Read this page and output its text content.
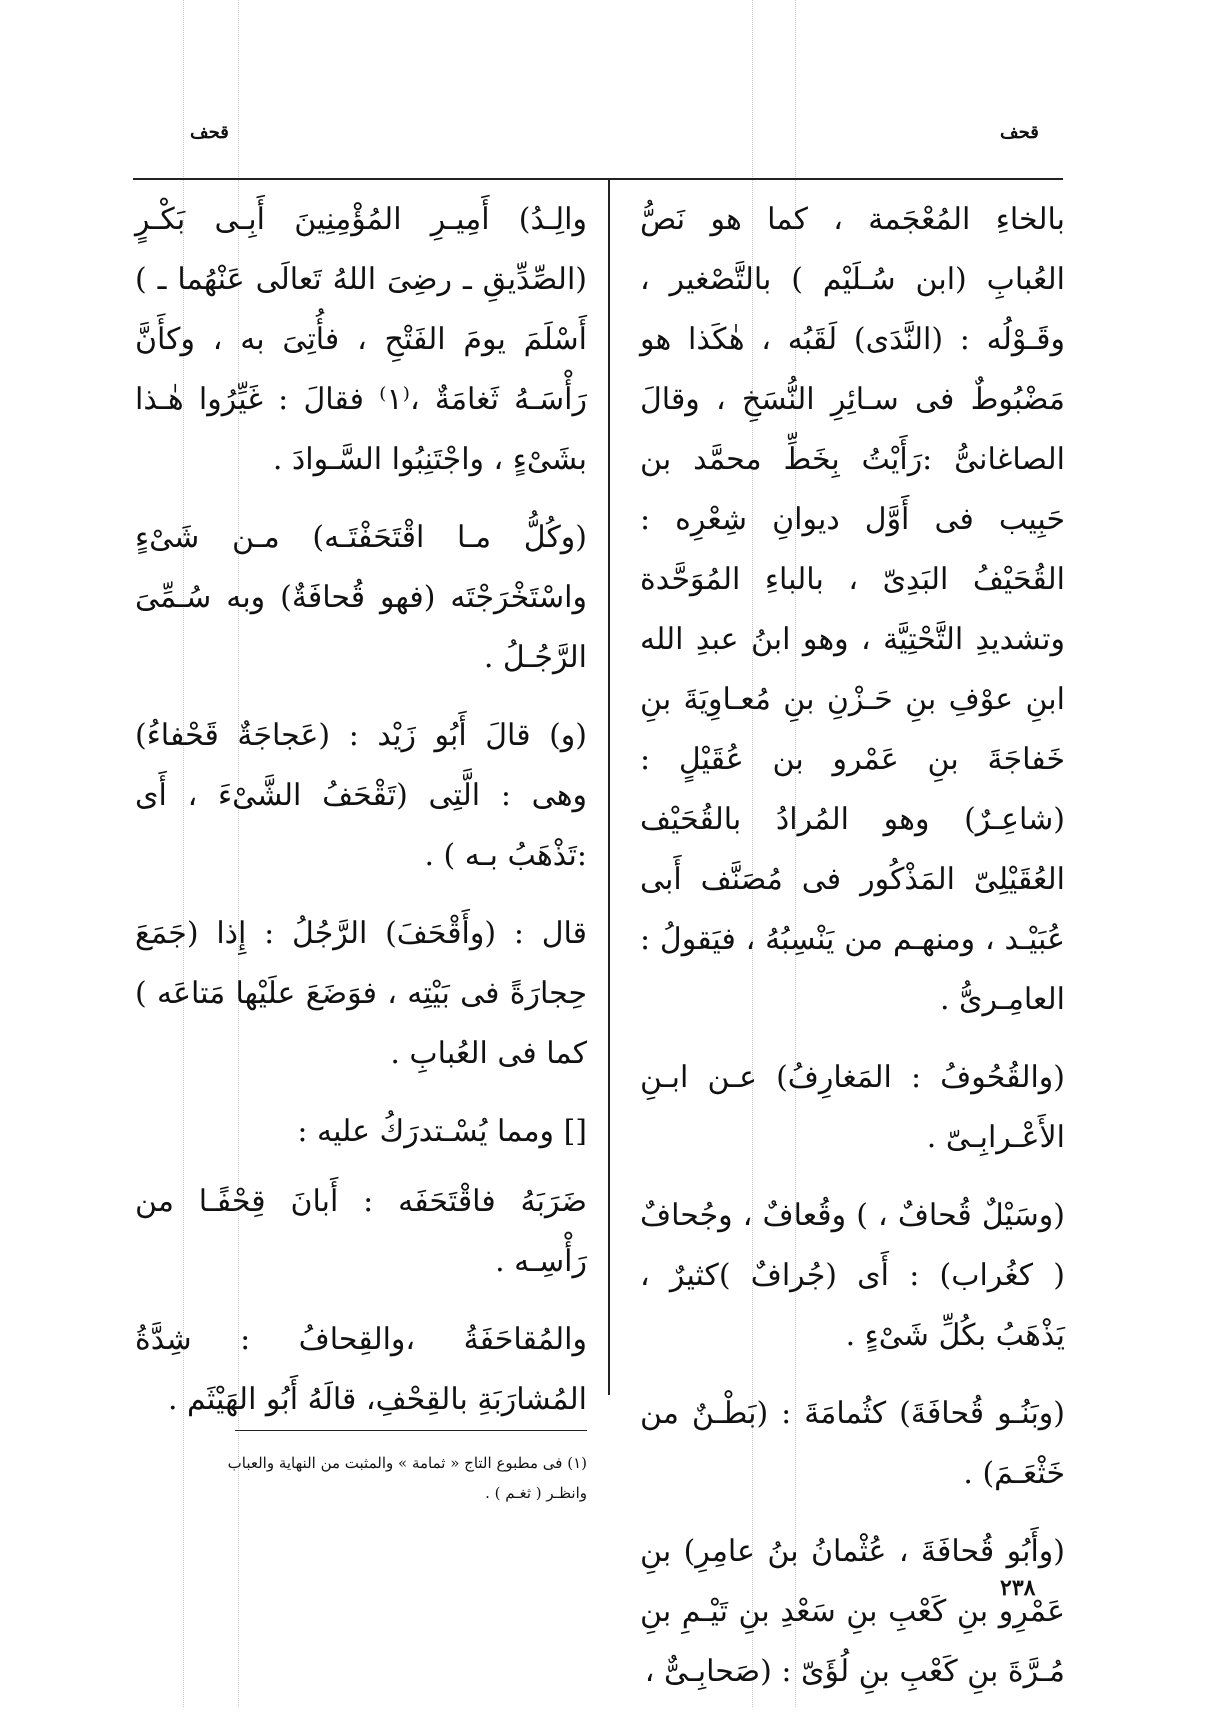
قحف	قحف

بالخاءِ المُعْجَمة ، كما هو نَصُّ العُبابِ (ابن سُـلَيْم ) بالتَّصْغير ، وقَـوْلُه : (النَّدَى) لَقَبُه ، هٰكَذا هو مَضْبُوطٌ فى سـائِرِ النُّسَخِ ، وقالَ الصاغانىُّ :رَأَيْتُ بِخَطِّ محمَّد بن حَبِيب فى أَوَّل ديوانِ شِعْرِه : القُحَيْفُ البَدِىّ ، بالباءِ المُوَحَّدة وتشديدِ التَّحْتِيَّة ، وهو ابنُ عبدِ الله ابنِ عوْفِ بنِ حَـزْنِ بنِ مُعـاوِيَةَ بنِ خَفاجَةَ بنِ عَمْرو بن عُقَيْلٍ : (شاعِـرٌ) وهو المُرادُ بالقُحَيْف العُقَيْلِىّ المَذْكُور فى مُصَنَّف أَبى عُبَيْـد ، ومنهـم من يَنْسِبُهُ ، فيَقولُ : العامِـرىُّ .

(والقُحُوفُ : المَغارِفُ) عـن ابـنِ الأَعْـرابِـىّ .

(وسَيْلٌ قُحافٌ ، ) وقُعافٌ ، وجُحافٌ ( كغُراب) : أَى (جُرافٌ )كثيرٌ ، يَذْهَبُ بكُلِّ شَىْءٍ .

(وبَنُـو قُحافَةَ) كثُمامَةَ : (بَطْـنٌ من خَثْعَـمَ) .

(وأَبُو قُحافَةَ ، عُثْمانُ بنُ عامِرِ) بنِ عَمْرِو بنِ كَعْبِ بنِ سَعْدِ بنِ تَيْـمِ بنِ مُـرَّةَ بنِ كَعْبِ بنِ لُؤَىّ : (صَحابِـىٌّ ،

والِـدُ) أَمِيـرِ المُؤْمِنِينَ أَبِـى بَكْـرٍ (الصِّدِّيقِ ـ رضِىَ اللهُ تَعالَى عَنْهُما ـ ) أَسْلَمَ يومَ الفَتْحِ ، فأُتِىَ به ، وكأَنَّ رَأْسَـهُ ثَغامَةٌ ،⁽١⁾ فقالَ : غَيِّرُوا هٰـذا بشَىْءٍ ، واجْتَنِبُوا السَّـوادَ .

(وكُلُّ مـا اقْتَحَفْتَـه) مـن شَىْءٍ واسْتَخْرَجْتَه (فهو قُحافَةٌ) وبه سُـمِّىَ الرَّجُـلُ .

(و) قالَ أَبُو زَيْد : (عَجاجَةٌ قَحْفاءُ) وهى : الَّتِى (تَقْحَفُ الشَّىْءَ ، أَى :تَذْهَبُ بـه ) .

قال : (وأَقْحَفَ) الرَّجُلُ : إِذا (جَمَعَ حِجارَةً فى بَيْتِه ، فوَضَعَ علَيْها مَتاعَه ) كما فى العُبابِ .

[] ومما يُسْـتدرَكُ عليه :

ضَرَبَهُ فاقْتَحَفَه : أَبانَ قِحْفًـا من رَأْسِـه .

والمُقاحَفَةُ ،والقِحافُ : شِدَّةُ المُشارَبَةِ بالقِحْفِ، قالَهُ أَبُو الهَيْثَم .

(١) فى مطبوع التاج « ثمامة » والمثبت من النهاية والعباب
وانظـر ( ثغـم ) .
٢٣٨
